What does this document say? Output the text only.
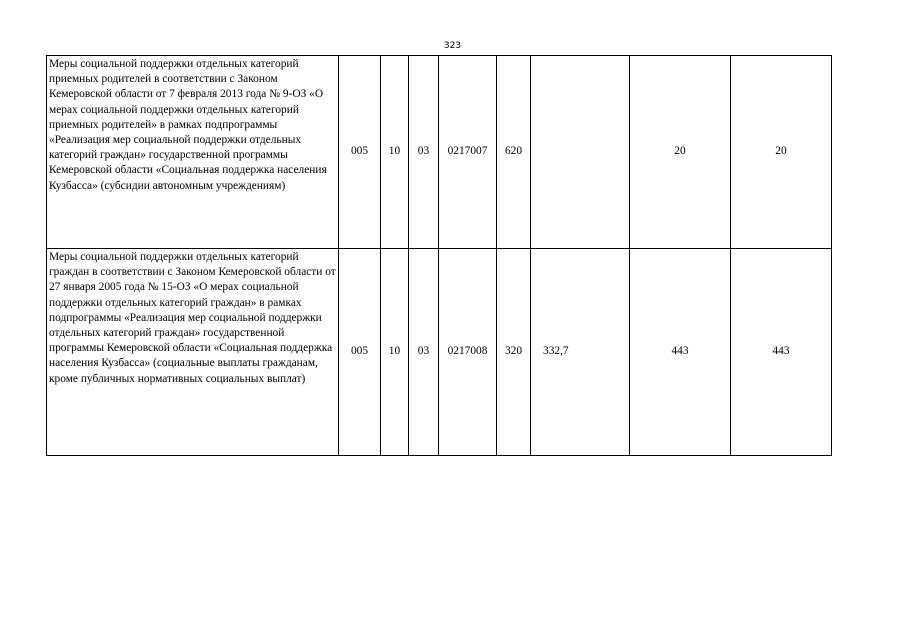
323
Меры социальной поддержки отдельных категорий приемных родителей в соответствии с Законом Кемеровской области от 7 февраля 2013 года № 9-ОЗ «О мерах социальной поддержки отдельных категорий приемных родителей» в рамках подпрограммы «Реализация мер социальной поддержки отдельных категорий граждан» государственной программы Кемеровской области «Социальная поддержка населения Кузбасса» (субсидии автономным учреждениям)	005	10	03	0217007	620		20	20
Меры социальной поддержки отдельных категорий граждан в соответствии с Законом Кемеровской области от 27 января 2005 года № 15-ОЗ «О мерах социальной поддержки отдельных категорий граждан» в рамках подпрограммы «Реализация мер социальной поддержки отдельных категорий граждан» государственной программы Кемеровской области «Социальная поддержка населения Кузбасса» (социальные выплаты гражданам, кроме публичных нормативных социальных выплат)	005	10	03	0217008	320	332,7	443	443
